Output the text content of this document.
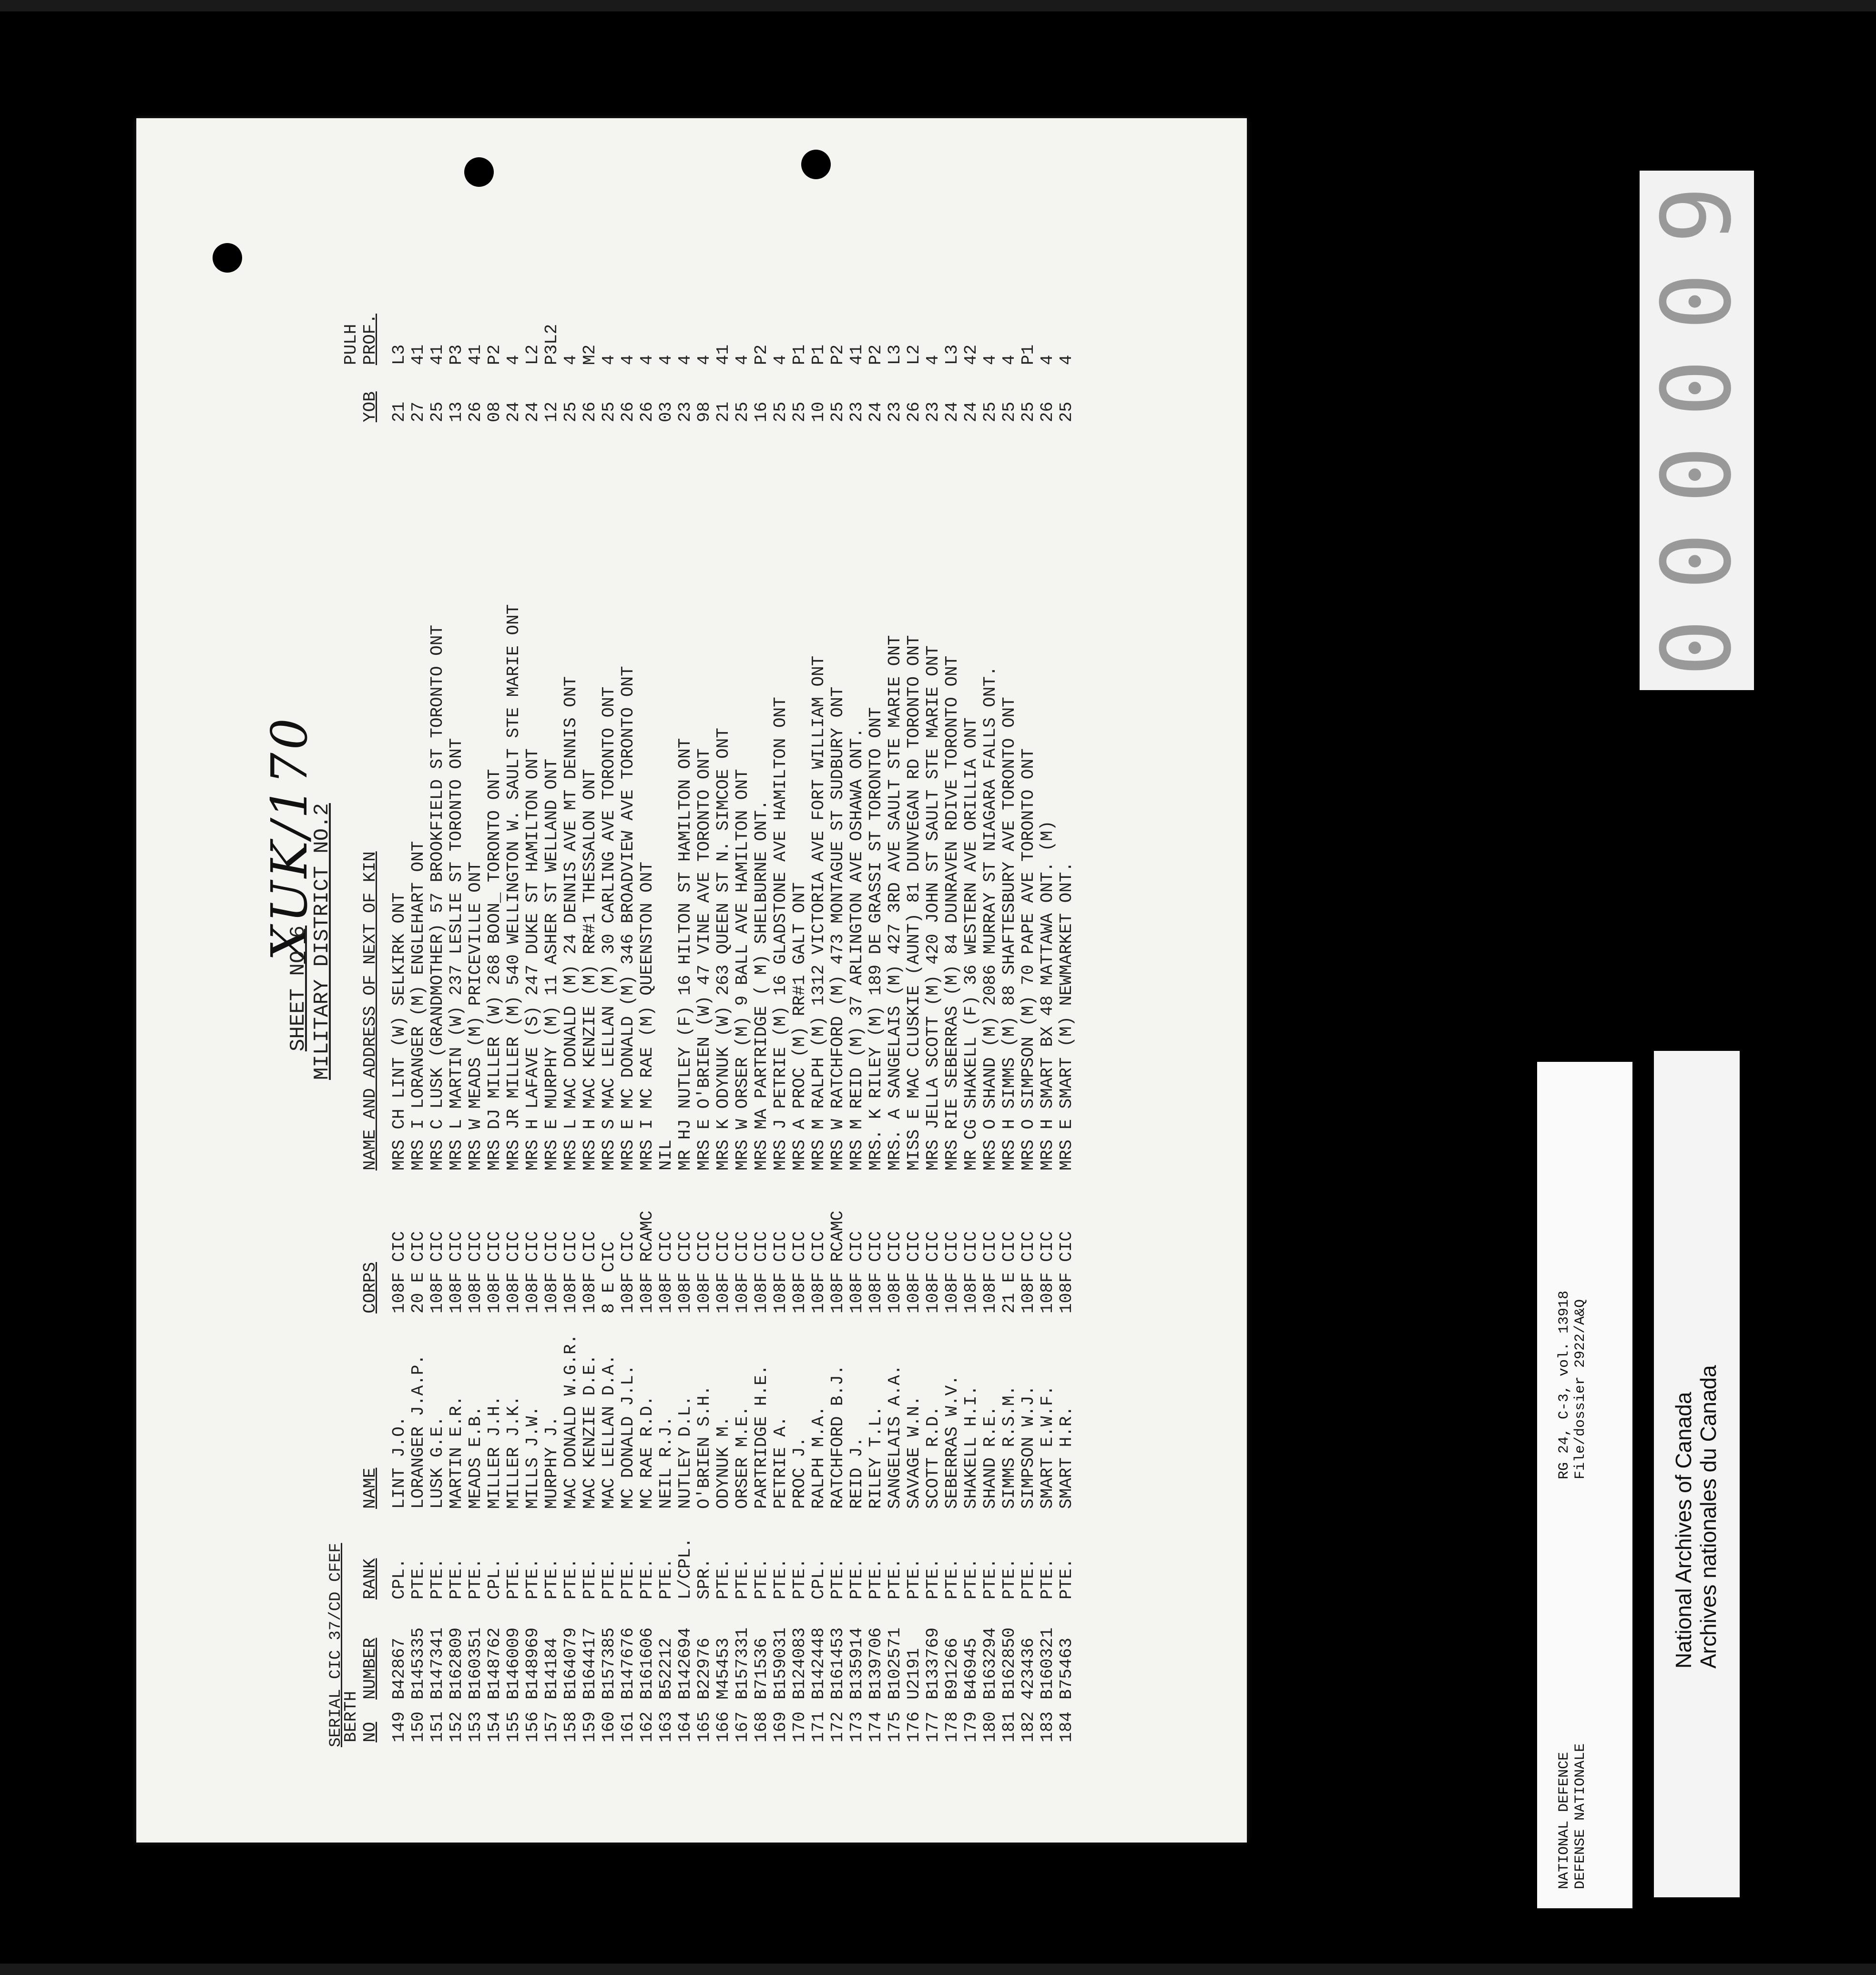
XUK/170
SHEET NO 6 MILITARY DISTRICT NO.2
SERIAL CIC 37/CD CFEF
BERTH NO
NUMBER
RANK
NAME
CORPS
NAME AND ADDRESS OF NEXT OF KIN
YOB
PULH PROF.
149
B42867
CPL.
LINT J.O.
108F CIC
MRS CH LINT (W) SELKIRK ONT
21
L3
150
B145335
PTE.
LORANGER J.A.P.
20 E CIC
MRS I LORANGER (M) ENGLEHART ONT
27
41
151
B147341
PTE.
LUSK G.E.
108F CIC
MRS C LUSK (GRANDMOTHER) 57 BROOKFIELD ST TORONTO ONT
25
41
152
B162809
PTE.
MARTIN E.R.
108F CIC
MRS L MARTIN (W) 237 LESLIE ST TORONTO ONT
13
P3
153
B160351
PTE.
MEADS E.B.
108F CIC
MRS W MEADS (M) PRICEVILLE ONT
26
41
154
B148762
CPL.
MILLER J.H.
108F CIC
MRS DJ MILLER (W) 268 BOON_ TORONTO ONT
08
P2
155
B146009
PTE.
MILLER J.K.
108F CIC
MRS JR MILLER (M) 540 WELLINGTON W. SAULT STE MARIE ONT
24
4
156
B148969
PTE.
MILLS J.W.
108F CIC
MRS H LAFAVE (S) 247 DUKE ST HAMILTON ONT
24
L2
157
B14184
PTE.
MURPHY J.
108F CIC
MRS E MURPHY (M) 11 ASHER ST WELLAND ONT
12
P3L2
158
B164079
PTE.
MAC DONALD W.G.R.
108F CIC
MRS L MAC DONALD (M) 24 DENNIS AVE MT DENNIS ONT
25
4
159
B164417
PTE.
MAC KENZIE D.E.
108F CIC
MRS H MAC KENZIE (M) RR#1 THESSALON ONT
26
M2
160
B157385
PTE.
MAC LELLAN D.A.
8 E CIC
MRS S MAC LELLAN (M) 30 CARLING AVE TORONTO ONT
25
4
161
B147676
PTE.
MC DONALD J.L.
108F CIC
MRS E MC DONALD (M) 346 BROADVIEW AVE TORONTO ONT
26
4
162
B161606
PTE.
MC RAE R.D.
108F RCAMC
MRS I MC RAE (M) QUEENSTON ONT
26
4
163
B52212
PTE.
NEIL R.J.
108F CIC
NIL
03
4
164
B142694
L/CPL.
NUTLEY D.L.
108F CIC
MR HJ NUTLEY (F) 16 HILTON ST HAMILTON ONT
23
4
165
B22976
SPR.
O'BRIEN S.H.
108F CIC
MRS E O'BRIEN (W) 47 VINE AVE TORONTO ONT
98
4
166
M45453
PTE.
ODYNUK M.
108F CIC
MRS K ODYNUK (W) 263 QUEEN ST N. SIMCOE ONT
21
41
167
B157331
PTE.
ORSER M.E.
108F CIC
MRS W ORSER (M) 9 BALL AVE HAMILTON ONT
25
4
168
B71536
PTE.
PARTRIDGE H.E.
108F CIC
MRS MA PARTRIDGE ( M) SHELBURNE ONT.
16
P2
169
B159031
PTE.
PETRIE A.
108F CIC
MRS J PETRIE (M) 16 GLADSTONE AVE HAMILTON ONT
25
4
170
B124083
PTE.
PROC J.
108F CIC
MRS A PROC (M) RR#1 GALT ONT
25
P1
171
B142448
CPL.
RALPH M.A.
108F CIC
MRS M RALPH (M) 1312 VICTORIA AVE FORT WILLIAM ONT
10
P1
172
B161453
PTE.
RATCHFORD B.J.
108F RCAMC
MRS W RATCHFORD (M) 473 MONTAGUE ST SUDBURY ONT
25
P2
173
B135914
PTE.
REID J.
108F CIC
MRS M REID (M) 37 ARLINGTON AVE OSHAWA ONT.
23
41
174
B139706
PTE.
RILEY T.L.
108F CIC
MRS. K RILEY (M) 189 DE GRASSI ST TORONTO ONT
24
P2
175
B102571
PTE.
SANGELAIS A.A.
108F CIC
MRS. A SANGELAIS (M) 427 3RD AVE SAULT STE MARIE ONT
23
L3
176
U2191
PTE.
SAVAGE W.N.
108F CIC
MISS E MAC CLUSKIE (AUNT) 81 DUNVEGAN RD TORONTO ONT
26
L2
177
B133769
PTE.
SCOTT R.D.
108F CIC
MRS JELLA SCOTT (M) 420 JOHN ST SAULT STE MARIE ONT
23
4
178
B91266
PTE.
SEBERRAS W.V.
108F CIC
MRS RIE SEBERRAS (M) 84 DUNRAVEN RDIVE TORONTO ONT
24
L3
179
B46945
PTE.
SHAKELL H.I.
108F CIC
MR CG SHAKELL (F) 36 WESTERN AVE ORILLIA ONT
24
42
180
B163294
PTE.
SHAND R.E.
108F CIC
MRS O SHAND (M) 2086 MURRAY ST NIAGARA FALLS ONT.
25
4
181
B162850
PTE.
SIMMS R.S.M.
21 E CIC
MRS H SIMMS (M) 88 SHAFTESBURY AVE TORONTO ONT
25
4
182
423436
PTE.
SIMPSON W.J.
108F CIC
MRS O SIMPSON (M) 70 PAPE AVE TORONTO ONT
25
P1
183
B160321
PTE.
SMART E.W.F.
108F CIC
MRS H SMART BX 48 MATTAWA ONT. (M)
26
4
184
B75463
PTE.
SMART H.R.
108F CIC
MRS E SMART (M) NEWMARKET ONT.
25
4
0
0
0
0
0
9

NATIONAL DEFENCE

DEFENSE NATIONALE

RG 24, C-3, vol. 13918

File/dossier 2922/A&Q

National Archives of Canada

Archives nationales du Canada
